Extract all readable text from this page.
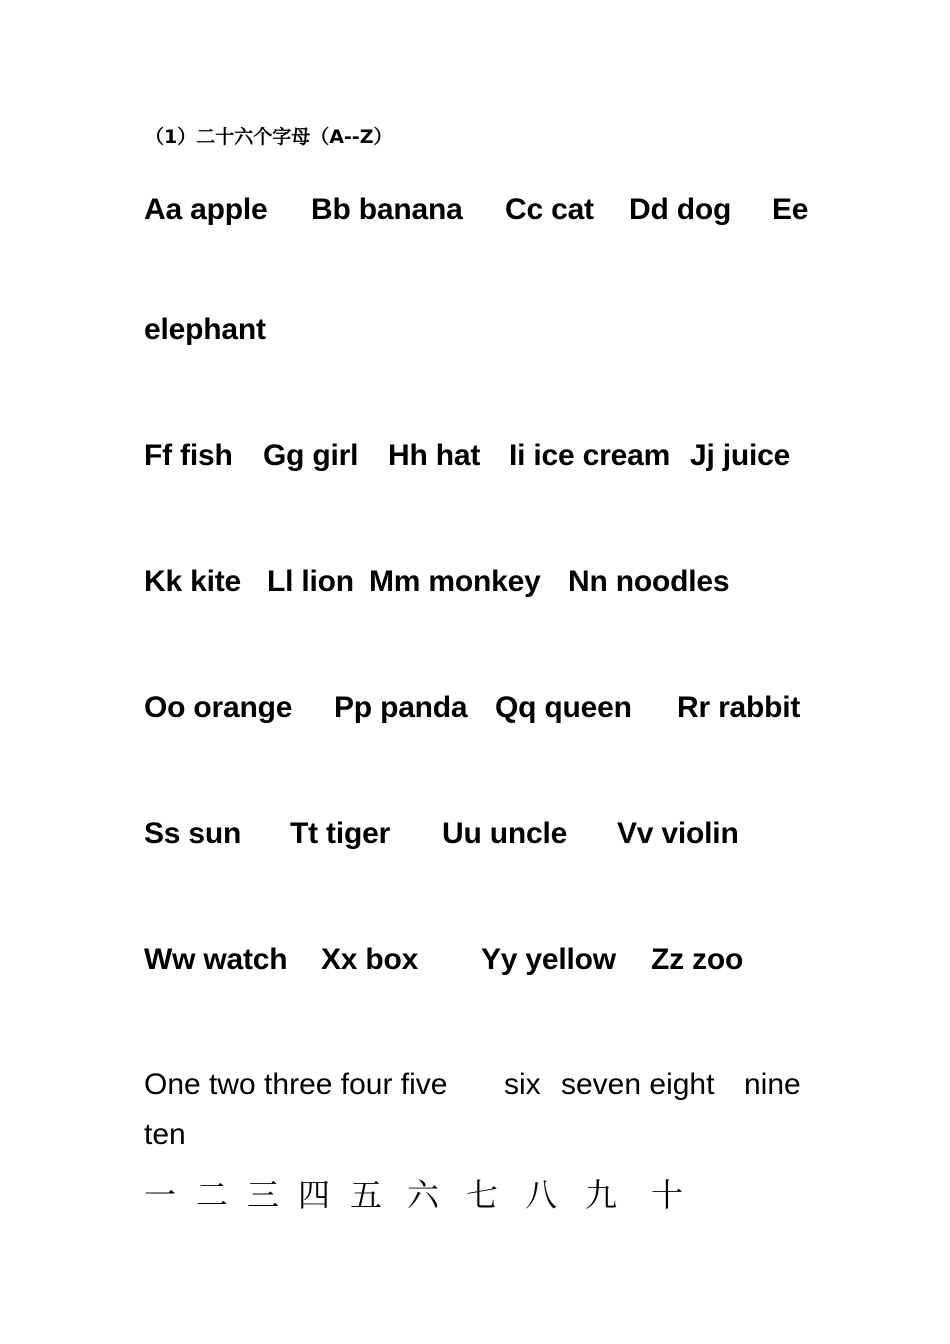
（1）二十六个字母（A--Z）
Aa apple Bb banana Cc cat Dd dog Ee
elephant
Ff fish Gg girl Hh hat Ii ice cream Jj juice
Kk kite Ll lion Mm monkey Nn noodles
Oo orange Pp panda Qq queen Rr rabbit
Ss sun Tt tiger Uu uncle Vv violin
Ww watch Xx box Yy yellow Zz zoo
One two three four five six seven eight nine
ten
一 二 三 四 五 六 七 八 九 十
